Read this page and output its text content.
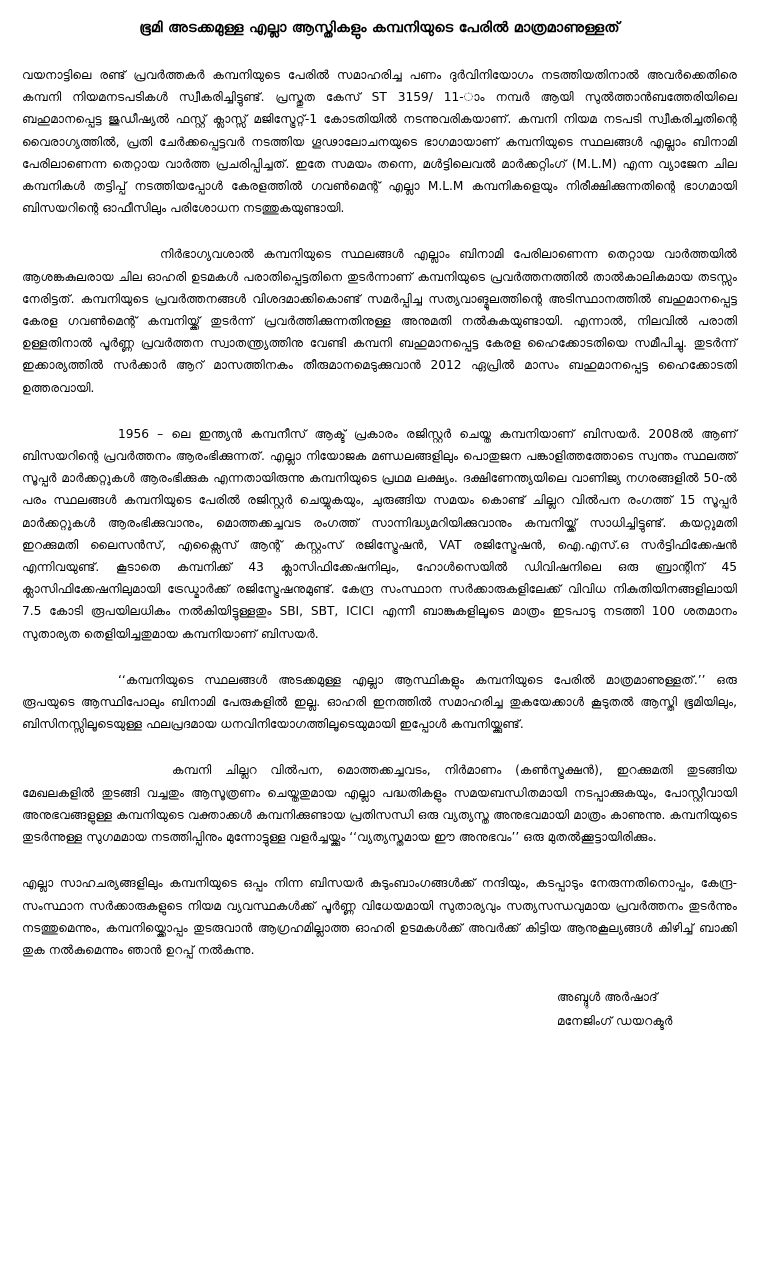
ഭൂമി അടക്കമുള്ള എല്ലാ ആസ്തികളും കമ്പനിയുടെ പേരിൽ മാത്രമാണുള്ളത്

വയനാട്ടിലെ രണ്ട് പ്രവർത്തകർ കമ്പനിയുടെ പേരിൽ സമാഹരിച്ച പണം ദുർവിനിയോഗം നടത്തിയതിനാൽ അവർക്കെതിരെ കമ്പനി നിയമനടപടികൾ സ്വീകരിച്ചിട്ടുണ്ട്. പ്രസ്തുത കേസ് ST 3159/ 11-ാം നമ്പർ ആയി സുൽത്താൻബത്തേരിയിലെ ബഹുമാനപ്പെട്ട ജുഡീഷ്യൽ ഫസ്റ്റ് ക്ലാസ്സ് മജിസ്ട്രേറ്റ്-1 കോടതിയിൽ നടന്നുവരികയാണ്. കമ്പനി നിയമ നടപടി സ്വീകരിച്ചതിന്റെ വൈരാഗ്യത്തിൽ, പ്രതി ചേർക്കപ്പെട്ടവർ നടത്തിയ ഗൂഢാലോചനയുടെ ഭാഗമായാണ് കമ്പനിയുടെ സ്ഥലങ്ങൾ എല്ലാം ബിനാമി പേരിലാണെന്ന തെറ്റായ വാർത്ത പ്രചരിപ്പിച്ചത്. ഇതേ സമയം തന്നെ, മൾട്ടിലെവൽ മാർക്കറ്റിംഗ് (M.L.M) എന്ന വ്യാജേന ചില കമ്പനികൾ തട്ടിപ്പ് നടത്തിയപ്പോൾ കേരളത്തിൽ ഗവൺമെന്റ് എല്ലാ M.L.M കമ്പനികളെയും നിരീക്ഷിക്കുന്നതിന്റെ ഭാഗമായി ബിസയറിന്റെ ഓഫീസിലും പരിശോധന നടത്തുകയുണ്ടായി.

നിർഭാഗ്യവശാൽ കമ്പനിയുടെ സ്ഥലങ്ങൾ എല്ലാം ബിനാമി പേരിലാണെന്ന തെറ്റായ വാർത്തയിൽ ആശങ്കകുലരായ ചില ഓഹരി ഉടമകൾ പരാതിപ്പെട്ടതിനെ തുടർന്നാണ് കമ്പനിയുടെ പ്രവർത്തനത്തിൽ താൽകാലികമായ തടസ്സം നേരിട്ടത്. കമ്പനിയുടെ പ്രവർത്തനങ്ങൾ വിശദമാക്കികൊണ്ട് സമർപ്പിച്ച സത്യവാങ്മൂലത്തിന്റെ അടിസ്ഥാനത്തിൽ ബഹുമാനപ്പെട്ട കേരള ഗവൺമെന്റ് കമ്പനിയ്ക്ക് തുടർന്ന് പ്രവർത്തിക്കുന്നതിനുള്ള അനുമതി നൽകുകയുണ്ടായി. എന്നാൽ, നിലവിൽ പരാതി ഉള്ളതിനാൽ പൂർണ്ണ പ്രവർത്തന സ്വാതന്ത്ര്യത്തിനു വേണ്ടി കമ്പനി ബഹുമാനപ്പെട്ട കേരള ഹൈക്കോടതിയെ സമീപിച്ചു. തുടർന്ന് ഇക്കാര്യത്തിൽ സർക്കാർ ആറ് മാസത്തിനകം തീരുമാനമെടുക്കുവാൻ 2012 ഏപ്രിൽ മാസം ബഹുമാനപ്പെട്ട ഹൈക്കോടതി ഉത്തരവായി.

1956 – ലെ ഇന്ത്യൻ കമ്പനീസ് ആക്ട് പ്രകാരം രജിസ്റ്റർ ചെയ്ത കമ്പനിയാണ് ബിസയർ. 2008ൽ ആണ് ബിസയറിന്റെ പ്രവർത്തനം ആരംഭിക്കുന്നത്. എല്ലാ നിയോജക മണ്ഡലങ്ങളിലും പൊതുജന പങ്കാളിത്തത്തോടെ സ്വന്തം സ്ഥലത്ത് സൂപ്പർ മാർക്കറ്റുകൾ ആരംഭിക്കുക എന്നതായിരുന്നു കമ്പനിയുടെ പ്രഥമ ലക്ഷ്യം. ദക്ഷിണേന്ത്യയിലെ വാണിജ്യ നഗരങ്ങളിൽ 50-ൽ പരം സ്ഥലങ്ങൾ കമ്പനിയുടെ പേരിൽ രജിസ്റ്റർ ചെയ്യുകയും, ചുരുങ്ങിയ സമയം കൊണ്ട് ചില്ലറ വിൽപന രംഗത്ത് 15 സൂപ്പർ മാർക്കറ്റുകൾ ആരംഭിക്കുവാനും, മൊത്തക്കച്ചവട രംഗത്ത് സാന്നിദ്ധ്യമറിയിക്കുവാനും കമ്പനിയ്ക്ക് സാധിച്ചിട്ടുണ്ട്. കയറ്റുമതി ഇറക്കുമതി ലൈസൻസ്, എക്സൈസ് ആന്റ് കസ്റ്റംസ് രജിസ്ട്രേഷൻ, VAT രജിസ്ട്രേഷൻ, ഐ.എസ്.ഒ സർട്ടിഫിക്കേഷൻ എന്നിവയുണ്ട്. കൂടാതെ കമ്പനിക്ക് 43 ക്ലാസിഫിക്കേഷനിലും, ഹോൾസെയിൽ ഡിവിഷനിലെ ഒരു ബ്രാന്റിന് 45 ക്ലാസിഫിക്കേഷനിലുമായി ട്രേഡ്മാർക്ക് രജിസ്ട്രേഷനുമുണ്ട്. കേന്ദ്ര സംസ്ഥാന സർക്കാരുകളിലേക്ക് വിവിധ നികുതിയിനങ്ങളിലായി 7.5 കോടി രൂപയിലധികം നൽകിയിട്ടുള്ളതും SBI, SBT, ICICI എന്നീ ബാങ്കുകളിലൂടെ മാത്രം ഇടപാടു നടത്തി 100 ശതമാനം സുതാര്യത തെളിയിച്ചതുമായ കമ്പനിയാണ് ബിസയർ.

‘‘കമ്പനിയുടെ സ്ഥലങ്ങൾ അടക്കമുള്ള എല്ലാ ആസ്ഥികളും കമ്പനിയുടെ പേരിൽ മാത്രമാണുള്ളത്.’’ ഒരു രൂപയുടെ ആസ്ഥിപോലും ബിനാമി പേരുകളിൽ ഇല്ല. ഓഹരി ഇനത്തിൽ സമാഹരിച്ച തുകയേക്കാൾ കൂടുതൽ ആസ്തി ഭൂമിയിലും, ബിസിനസ്സിലൂടെയുള്ള ഫലപ്രദമായ ധനവിനിയോഗത്തിലൂടെയുമായി ഇപ്പോൾ കമ്പനിയ്ക്കുണ്ട്.

കമ്പനി ചില്ലറ വിൽപന, മൊത്തക്കച്ചവടം, നിർമാണം (കൺസ്ട്രക്ഷൻ), ഇറക്കുമതി തുടങ്ങിയ മേഖലകളിൽ തുടങ്ങി വച്ചതും ആസൂത്രണം ചെയ്തതുമായ എല്ലാ പദ്ധതികളും സമയബന്ധിതമായി നടപ്പാക്കുകയും, പോസ്റ്റീവായി അനുഭവങ്ങളുള്ള കമ്പനിയുടെ വക്താക്കൾ കമ്പനിക്കുണ്ടായ പ്രതിസന്ധി ഒരു വ്യത്യസ്ത അനുഭവമായി മാത്രം കാണുന്നു. കമ്പനിയുടെ തുടർന്നുള്ള സുഗമമായ നടത്തിപ്പിനും മുന്നോട്ടുള്ള വളർച്ചയ്ക്കും ‘‘വ്യത്യസ്തമായ ഈ അനുഭവം’’ ഒരു മുതൽക്കൂട്ടായിരിക്കും.

എല്ലാ സാഹചര്യങ്ങളിലും കമ്പനിയുടെ ഒപ്പം നിന്ന ബിസയർ കുടുംബാംഗങ്ങൾക്ക് നന്ദിയും, കടപ്പാടും നേരുന്നതിനൊപ്പം, കേന്ദ്ര- സംസ്ഥാന സർക്കാരുകളുടെ നിയമ വ്യവസ്ഥകൾക്ക് പൂർണ്ണ വിധേയമായി സുതാര്യവും സത്യസന്ധവുമായ പ്രവർത്തനം തുടർന്നും നടത്തുമെന്നും, കമ്പനിയ്ക്കൊപ്പം തുടരുവാൻ ആഗ്രഹമില്ലാത്ത ഓഹരി ഉടമകൾക്ക് അവർക്ക് കിട്ടിയ ആനുകൂല്യങ്ങൾ കിഴിച്ച് ബാക്കി തുക നൽകുമെന്നും ഞാൻ ഉറപ്പ് നൽകുന്നു.

അബ്ദുൾ അർഷാദ്
മനേജിംഗ് ഡയറക്ടർ
